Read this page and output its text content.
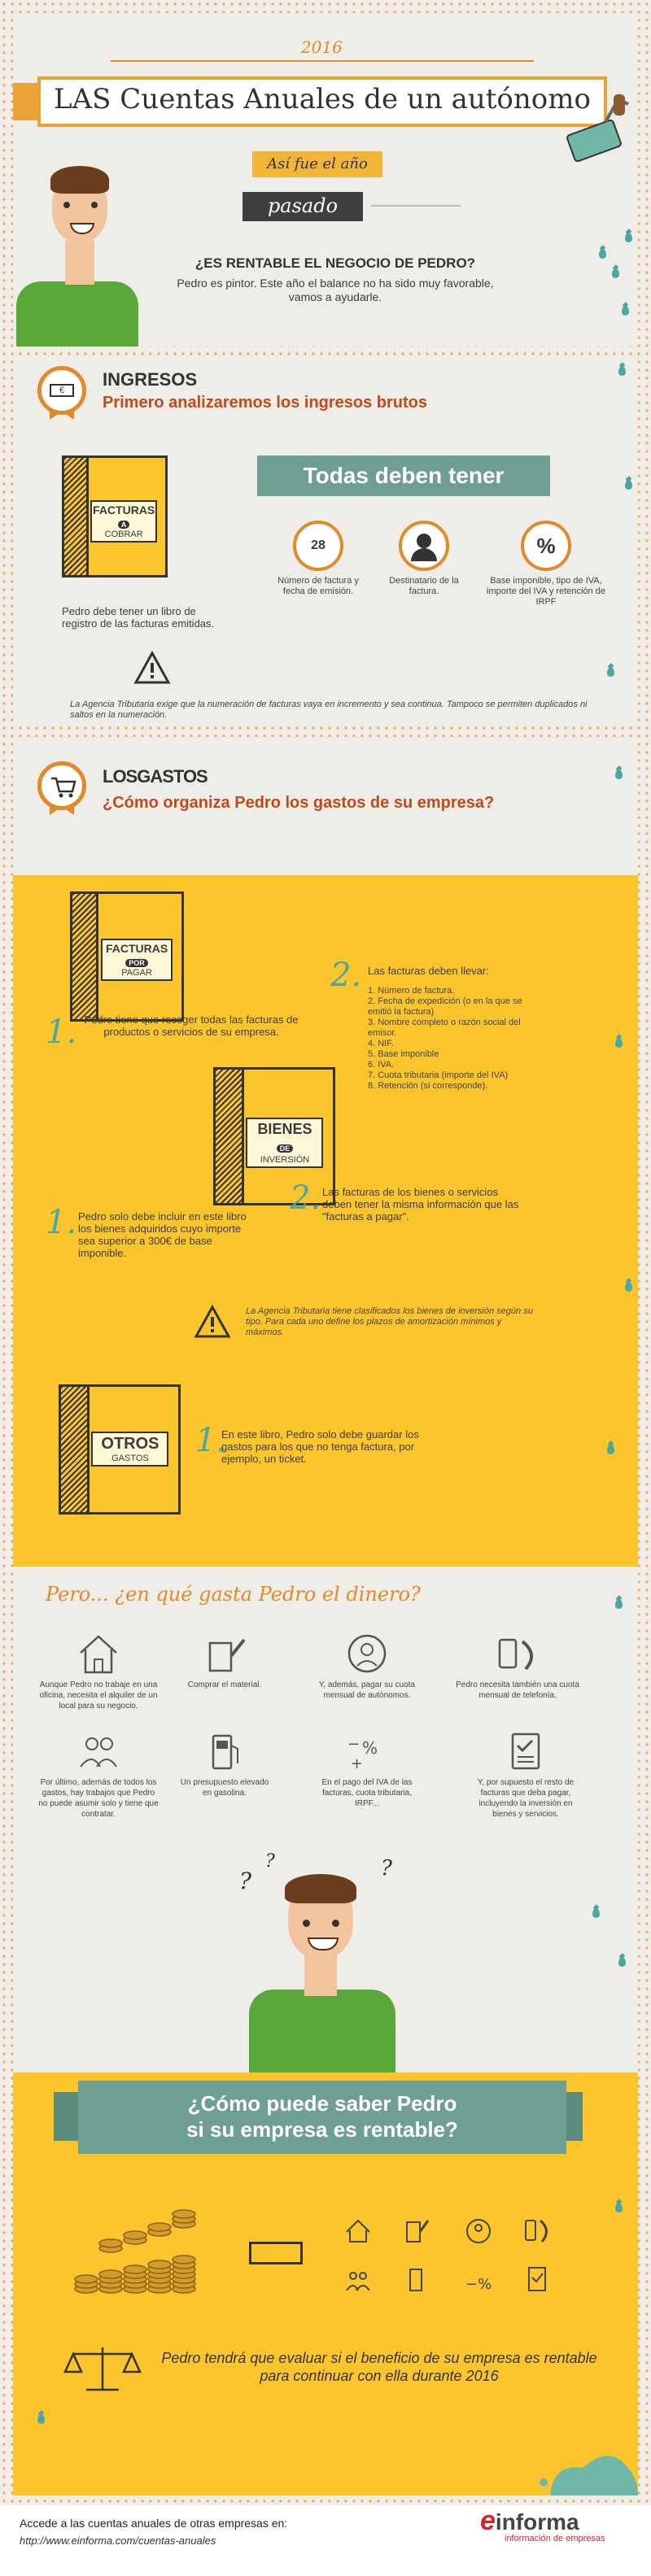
2016
LAS Cuentas Anuales de un autónomo
Así fue el año
pasado
¿ES RENTABLE EL NEGOCIO DE PEDRO?
Pedro es pintor. Este año el balance no ha sido muy favorable, vamos a ayudarle.
€
INGRESOS
Primero analizaremos los ingresos brutos
FACTURAS
A
COBRAR
Pedro debe tener un libro de registro de las facturas emitidas.
Todas deben tener
28
Número de factura y fecha de emisión.
Destinatario de la factura.
%
Base imponible, tipo de IVA, importe del IVA y retención de IRPF
La Agencia Tributaria exige que la numeración de facturas vaya en incremento y sea continua. Tampoco se permiten duplicados ni saltos en la numeración.
LOSGASTOS
¿Cómo organiza Pedro los gastos de su empresa?
FACTURAS
POR
PAGAR
1. Pedro tiene que recoger todas las facturas de productos o servicios de su empresa.
2. Las facturas deben llevar:
1. Número de factura.
2. Fecha de expedición (o en la que se emitió la factura)
3. Nombre completo o razón social del emisor.
4. NIF.
5. Base imponible
6. IVA.
7. Cuota tributaria (importe del IVA)
8. Retención (si corresponde).
BIENES
DE
INVERSIÓN
1. Pedro solo debe incluir en este libro los bienes adquiridos cuyo importe sea superior a 300€ de base imponible.
2. Las facturas de los bienes o servicios deben tener la misma información que las "facturas a pagar".
La Agencia Tributaria tiene clasificados los bienes de inversión según su tipo. Para cada uno define los plazos de amortización mínimos y máximos.
OTROS
GASTOS	1.
En este libro, Pedro solo debe guardar los gastos para los que no tenga factura, por ejemplo, un ticket.
Pero... ¿en qué gasta Pedro el dinero?
Aunque Pedro no trabaje en una oficina, necesita el alquiler de un local para su negocio.
Comprar el material.	Y, además, pagar su cuota mensual de autónomos.
Pedro necesita también una cuota mensual de telefonía.
Por último, además de todos los gastos, hay trabajos que Pedro no puede asumir solo y tiene que contratar.
Un presupuesto elevado en gasolina.
− %
+
En el pago del IVA de las facturas, cuota tributaria, IRPF...
Y, por supuesto el resto de facturas que deba pagar, incluyendo la inversión en bienes y servicios.
?
?	?
¿Cómo puede saber Pedro
si su empresa es rentable?
−%
Pedro tendrá que evaluar si el beneficio de su empresa es rentable para continuar con ella durante 2016
Accede a las cuentas anuales de otras empresas en:
http://www.einforma.com/cuentas-anuales
einforma
información de empresas
